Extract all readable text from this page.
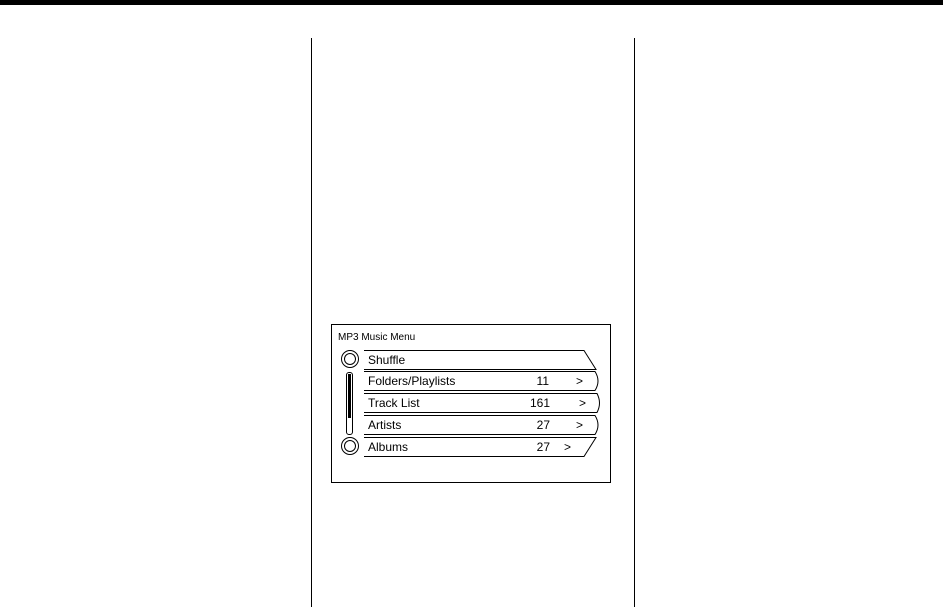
MP3 Music Menu
Shuffle
Folders/Playlists	11 >
Track List	161 >
Artists	27 >
Albums	27 >
